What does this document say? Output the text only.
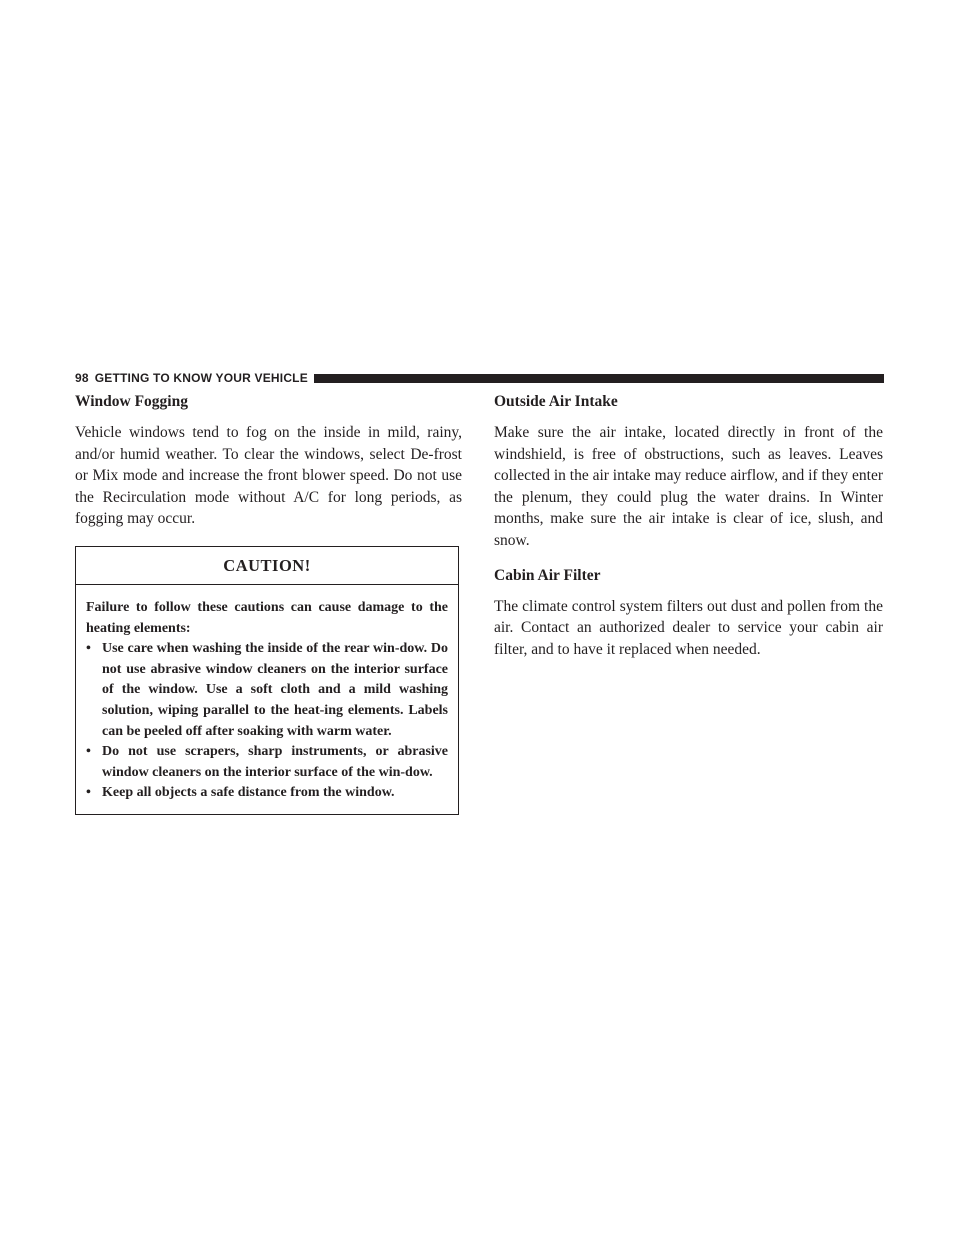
98 GETTING TO KNOW YOUR VEHICLE
Window Fogging

Vehicle windows tend to fog on the inside in mild, rainy, and/or humid weather. To clear the windows, select De-frost or Mix mode and increase the front blower speed. Do not use the Recirculation mode without A/C for long periods, as fogging may occur.

CAUTION!

Failure to follow these cautions can cause damage to the heating elements:

• Use care when washing the inside of the rear win-dow. Do not use abrasive window cleaners on the interior surface of the window. Use a soft cloth and a mild washing solution, wiping parallel to the heat-ing elements. Labels can be peeled off after soaking with warm water.
• Do not use scrapers, sharp instruments, or abrasive window cleaners on the interior surface of the win-dow.
• Keep all objects a safe distance from the window.
Outside Air Intake

Make sure the air intake, located directly in front of the windshield, is free of obstructions, such as leaves. Leaves collected in the air intake may reduce airflow, and if they enter the plenum, they could plug the water drains. In Winter months, make sure the air intake is clear of ice, slush, and snow.

Cabin Air Filter

The climate control system filters out dust and pollen from the air. Contact an authorized dealer to service your cabin air filter, and to have it replaced when needed.
